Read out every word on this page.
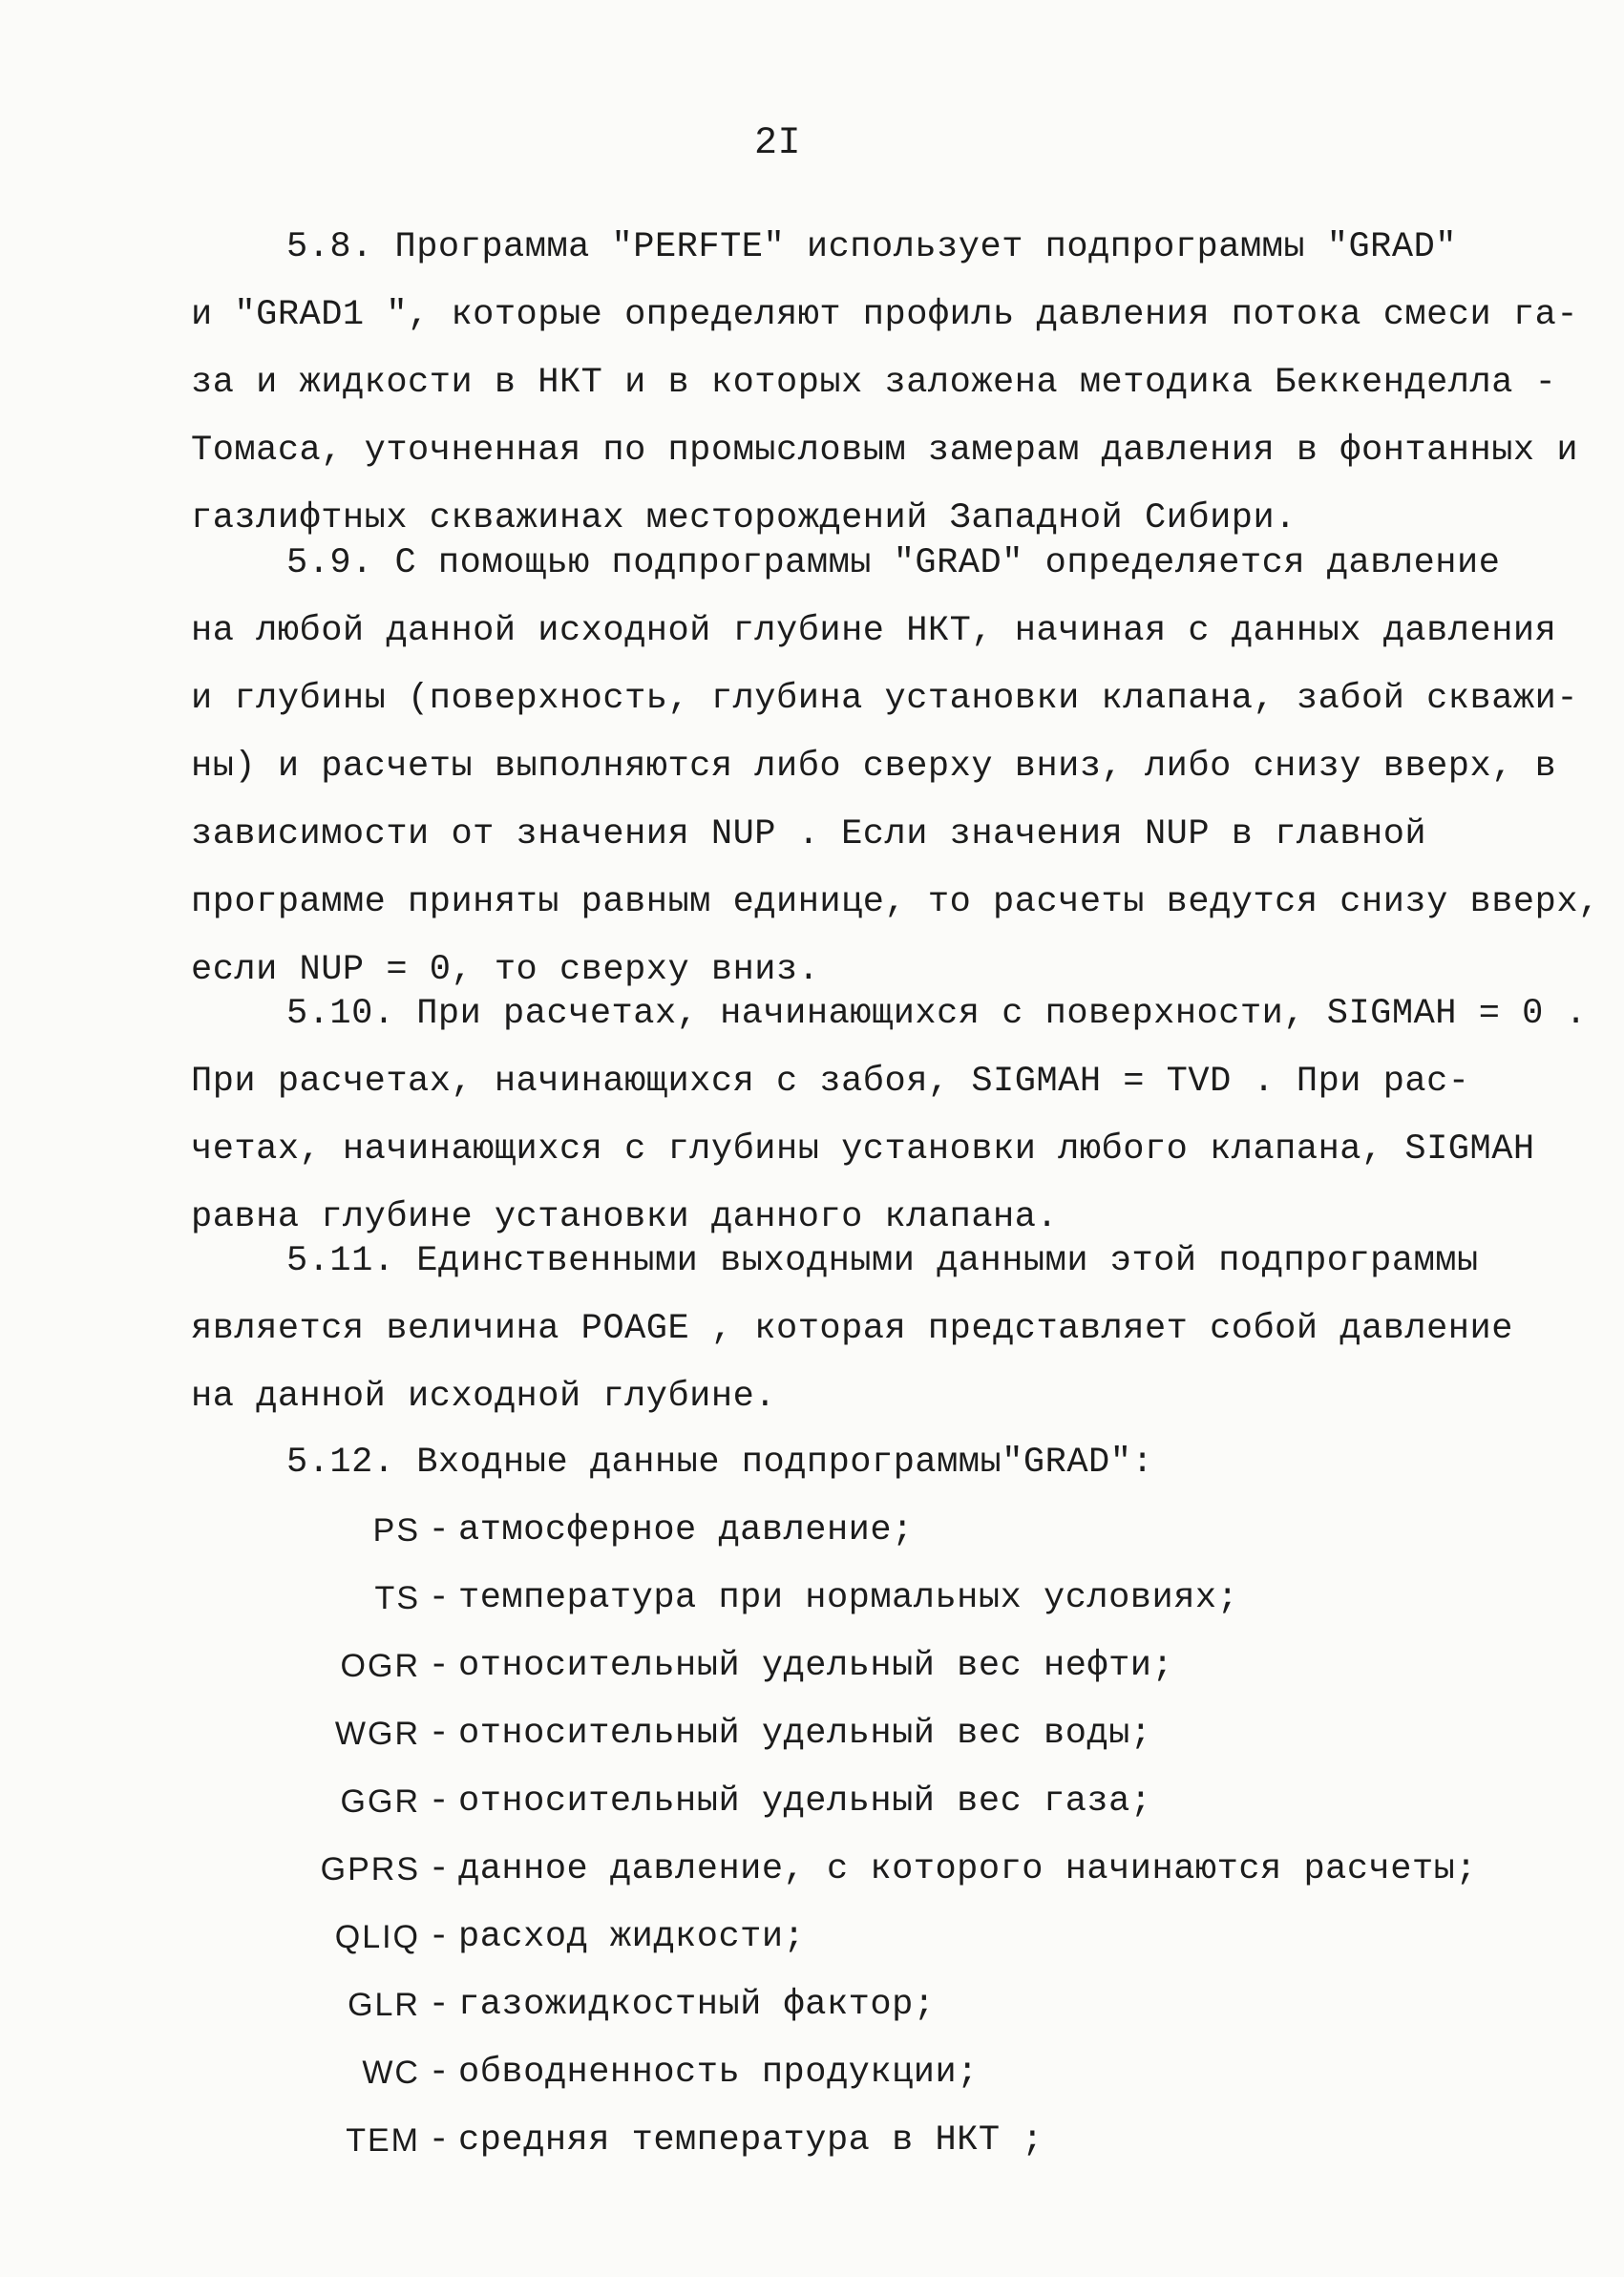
2I
5.8. Программа "PERFTE" использует подпрограммы "GRAD"
и "GRAD1 ", которые определяют профиль давления потока смеси га-
за и жидкости в НКТ и в которых заложена методика Беккенделла -
Томаса, уточненная по промысловым замерам давления в фонтанных и
газлифтных скважинах месторождений Западной Сибири.
5.9. С помощью подпрограммы "GRAD" определяется давление
на любой данной исходной глубине НКТ, начиная с данных давления
и глубины (поверхность, глубина установки клапана, забой скважи-
ны) и расчеты выполняются либо сверху вниз, либо снизу вверх, в
зависимости от значения NUP . Если значения NUP в главной
программе приняты равным единице, то расчеты ведутся снизу вверх,
если NUP = 0, то сверху вниз.
5.10. При расчетах, начинающихся с поверхности, SIGMAH = 0 .
При расчетах, начинающихся с забоя, SIGMAH = TVD . При рас-
четах, начинающихся с глубины установки любого клапана, SIGMAH
равна глубине установки данного клапана.
5.11. Единственными выходными данными этой подпрограммы
является величина POAGE , которая представляет собой давление
на данной исходной глубине.
5.12. Входные данные подпрограммы"GRAD":
PS - атмосферное давление;
TS - температура при нормальных условиях;
OGR - относительный удельный вес нефти;
WGR - относительный удельный вес воды;
GGR - относительный удельный вес газа;
GPRS - данное давление, с которого начинаются расчеты;
QLIQ - расход жидкости;
GLR - газожидкостный фактор;
WC - обводненность продукции;
TEM - средняя температура в НКТ ;
